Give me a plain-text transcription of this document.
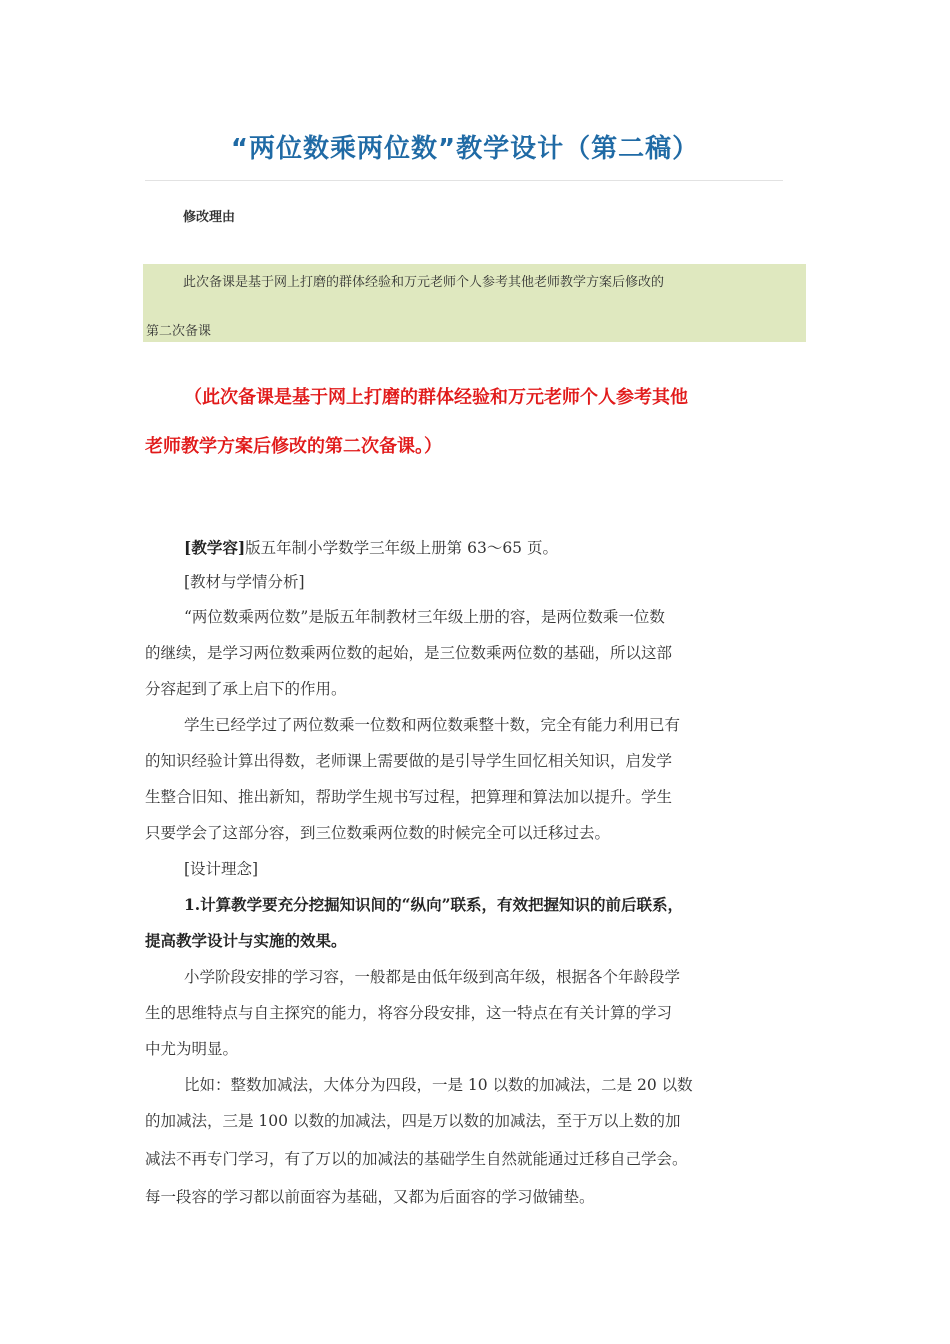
“两位数乘两位数”教学设计（第二稿）
修改理由
此次备课是基于网上打磨的群体经验和万元老师个人参考其他老师教学方案后修改的
第二次备课
（此次备课是基于网上打磨的群体经验和万元老师个人参考其他
老师教学方案后修改的第二次备课。）
[教学容]版五年制小学数学三年级上册第 63～65 页。
[教材与学情分析]
“两位数乘两位数”是版五年制教材三年级上册的容，是两位数乘一位数
的继续，是学习两位数乘两位数的起始，是三位数乘两位数的基础，所以这部
分容起到了承上启下的作用。
学生已经学过了两位数乘一位数和两位数乘整十数，完全有能力利用已有
的知识经验计算出得数，老师课上需要做的是引导学生回忆相关知识，启发学
生整合旧知、推出新知，帮助学生规书写过程，把算理和算法加以提升。学生
只要学会了这部分容，到三位数乘两位数的时候完全可以迁移过去。
[设计理念]
1.计算教学要充分挖掘知识间的“纵向”联系，有效把握知识的前后联系，
提高教学设计与实施的效果。
小学阶段安排的学习容，一般都是由低年级到高年级，根据各个年龄段学
生的思维特点与自主探究的能力，将容分段安排，这一特点在有关计算的学习
中尤为明显。
比如：整数加减法，大体分为四段，一是 10 以数的加减法，二是 20 以数
的加减法，三是 100 以数的加减法，四是万以数的加减法，至于万以上数的加
减法不再专门学习，有了万以的加减法的基础学生自然就能通过迁移自己学会。
每一段容的学习都以前面容为基础，又都为后面容的学习做铺垫。
